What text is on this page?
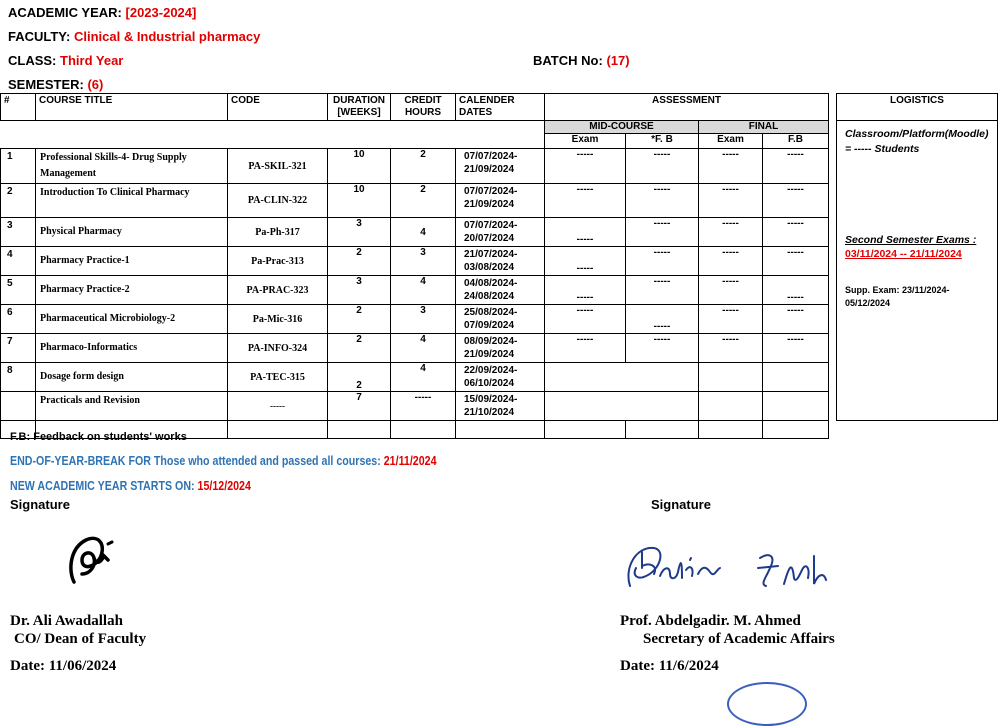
ACADEMIC YEAR: [2023-2024]
FACULTY: Clinical & Industrial pharmacy
CLASS: Third Year	BATCH No: (17)
SEMESTER: (6)
#	COURSE TITLE	CODE	DURATION [WEEKS]	CREDIT HOURS	CALENDER DATES	ASSESSMENT					LOGISTICS
						MID-COURSE		FINAL			Classroom/Platform(Moodle) = ----- Students
Second Semester Exams :
03/11/2024 -- 21/11/2024
Supp. Exam: 23/11/2024- 05/12/2024

						Exam	*F. B	Exam	F.B		
1	Professional Skills-4- Drug Supply Management	PA-SKIL-321	10	2	07/07/2024- 21/09/2024	-----	-----	-----	-----		
2	Introduction To Clinical Pharmacy	PA-CLIN-322	10	2	07/07/2024- 21/09/2024	-----	-----	-----	-----		
3	Physical Pharmacy	Pa-Ph-317	3	4	07/07/2024- 20/07/2024	-----	-----	-----	-----		
4	Pharmacy Practice-1	Pa-Prac-313	2	3	21/07/2024- 03/08/2024	-----	-----	-----	-----		
5	Pharmacy Practice-2	PA-PRAC-323	3	4	04/08/2024- 24/08/2024	-----	-----	-----	-----		
6	Pharmaceutical Microbiology-2	Pa-Mic-316	2	3	25/08/2024- 07/09/2024	-----	-----	-----	-----		
7	Pharmaco-Informatics	PA-INFO-324	2	4	08/09/2024- 21/09/2024	-----	-----	-----	-----		
8	Dosage form design	PA-TEC-315	2	4	22/09/2024- 06/10/2024						
	Practicals and Revision	-----	7	-----	15/09/2024- 21/10/2024						

F.B: Feedback on students' works
END-OF-YEAR-BREAK FOR Those who attended and passed all courses: 21/11/2024
NEW ACADEMIC YEAR STARTS ON: 15/12/2024
Signature
Dr. Ali Awadallah
CO/ Dean of Faculty
Date: 11/06/2024
Signature
Prof. Abdelgadir. M. Ahmed
Secretary of Academic Affairs
Date: 11/6/2024
